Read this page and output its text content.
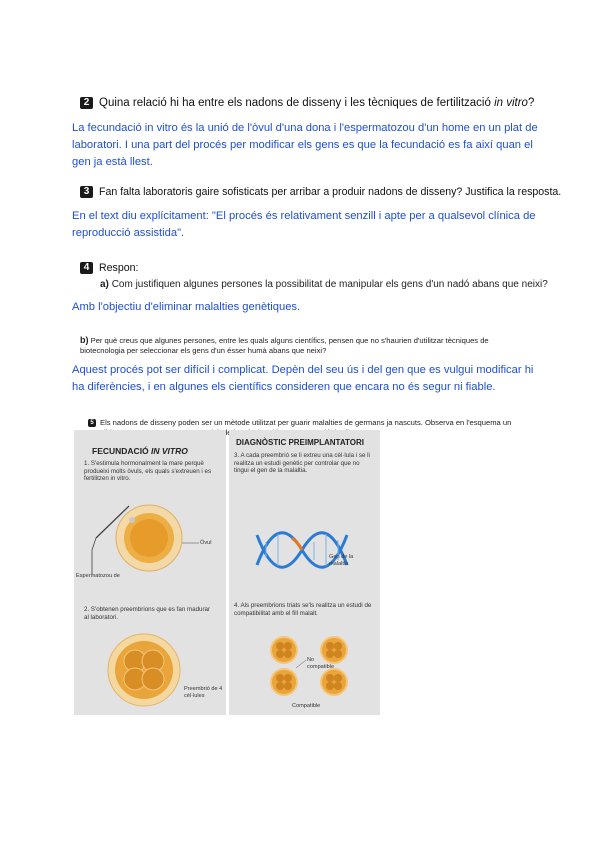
2 Quina relació hi ha entre els nadons de disseny i les tècniques de fertilització in vitro?
La fecundació in vitro és la unió de l'òvul d'una dona i l'espermatozou d'un home en un plat de laboratori. I una part del procés per modificar els gens es que la fecundació es fa així quan el gen ja està llest.
3 Fan falta laboratoris gaire sofisticats per arribar a produir nadons de disseny? Justifica la resposta.
En el text diu explícitament: "El procés és relativament senzill i apte per a qualsevol clínica de reproducció assistida".
4 Respon:
a) Com justifiquen algunes persones la possibilitat de manipular els gens d'un nadó abans que neixi?
Amb l'objectiu d'eliminar malalties genètiques.
b) Per què creus que algunes persones, entre les quals alguns científics, pensen que no s'haurien d'utilitzar tècniques de biotecnologia per seleccionar els gens d'un ésser humà abans que neixi?
Aquest procés pot ser difícil i complicat. Depèn del seu ús i del gen que es vulgui modificar hi ha diferències, i en algunes els científics consideren que encara no és segur ni fiable.
5 Els nadons de disseny poden ser un mètode utilitzat per guarir malalties de germans ja nascuts. Observa en l'esquema un de
FECUNDACIÓ IN VITRO
1. S'estimula hormonalment la mare perquè produeixi molts òvuls, els quals s'extreuen i es fertilitzen in vitro.
Òvul
Espermatozou de
2. S'obtenen preembrions que es fan madurar al laboratori.
Preembrió de 4 cèl·lules
DIAGNÒSTIC PREIMPLANTATORI
3. A cada preembrió se li extreu una cèl·lula i se li realitza un estudi genètic per controlar que no tingui el gen de la malaltia.
Gen de la malaltia
4. Als preembrions triats se'ls realitza un estudi de compatibilitat amb el fill malalt.
No compatible
Compatible
